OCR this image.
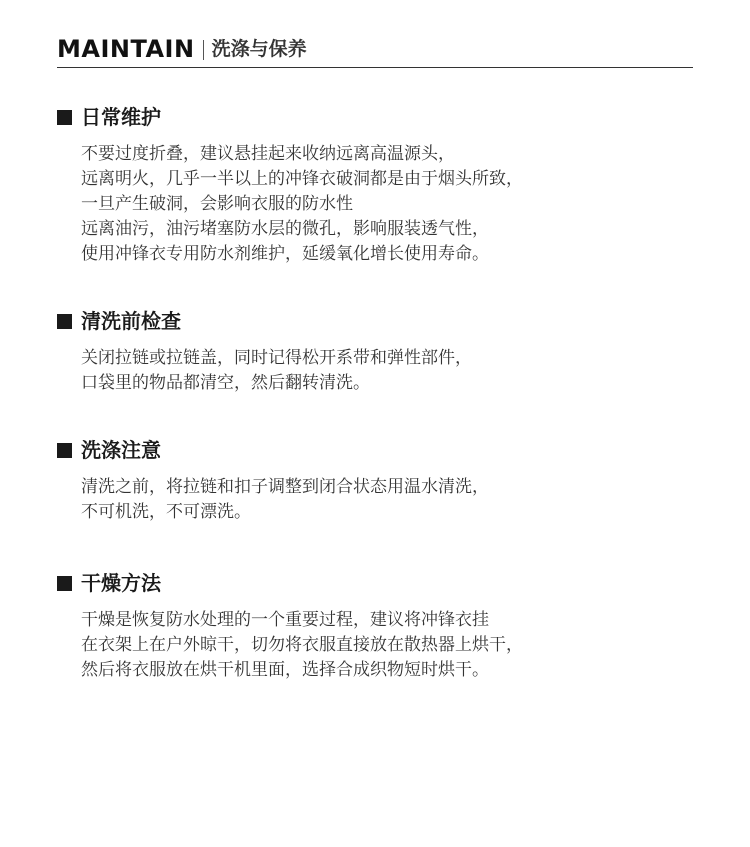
MAINTAIN 洗涤与保养
日常维护
不要过度折叠，建议悬挂起来收纳远离高温源头，
远离明火，几乎一半以上的冲锋衣破洞都是由于烟头所致，
一旦产生破洞，会影响衣服的防水性
远离油污，油污堵塞防水层的微孔，影响服装透气性，
使用冲锋衣专用防水剂维护，延缓氧化增长使用寿命。
清洗前检查
关闭拉链或拉链盖，同时记得松开系带和弹性部件，
口袋里的物品都清空，然后翻转清洗。
洗涤注意
清洗之前，将拉链和扣子调整到闭合状态用温水清洗，
不可机洗，不可漂洗。
干燥方法
干燥是恢复防水处理的一个重要过程，建议将冲锋衣挂
在衣架上在户外晾干，切勿将衣服直接放在散热器上烘干，
然后将衣服放在烘干机里面，选择合成织物短时烘干。
